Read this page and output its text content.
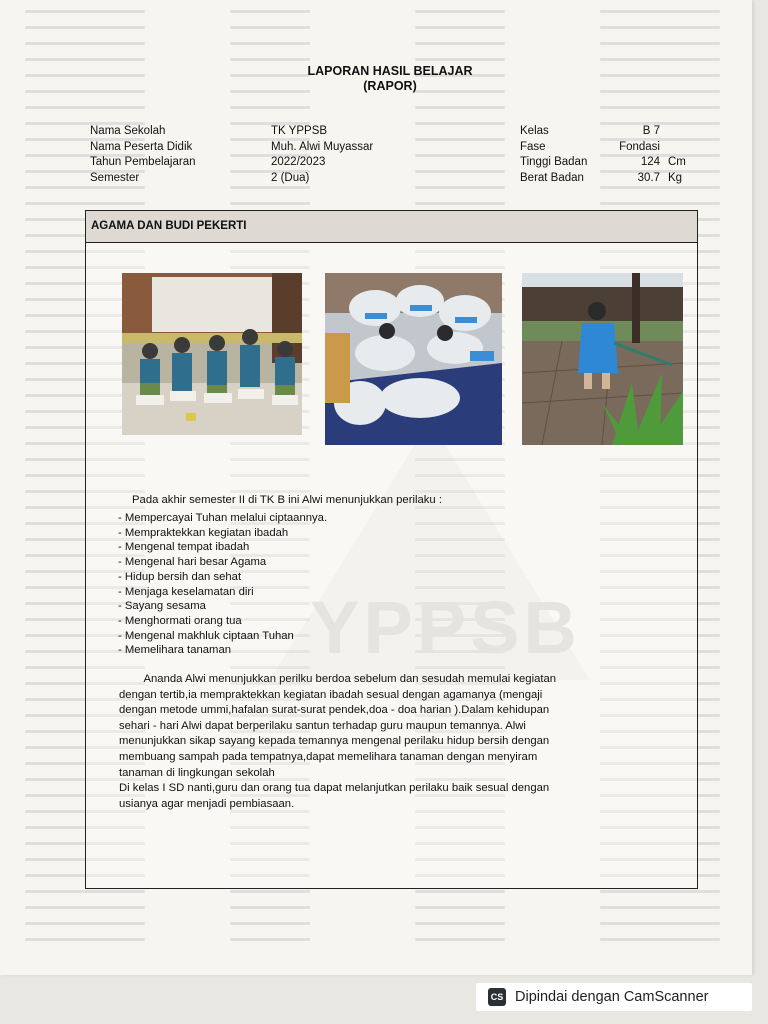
YPPSB
LAPORAN HASIL BELAJAR
(RAPOR)
Nama Sekolah
Nama Peserta Didik
Tahun Pembelajaran
Semester
TK YPPSB
Muh. Alwi Muyassar
2022/2023
2 (Dua)
Kelas
Fase
Tinggi Badan
Berat Badan
B 7
Fondasi
124
30.7
Cm
Kg
AGAMA DAN BUDI PEKERTI
Pada akhir semester II di TK B ini Alwi menunjukkan perilaku :
- Mempercayai Tuhan melalui ciptaannya.
- Mempraktekkan kegiatan ibadah
- Mengenal tempat ibadah
- Mengenal hari besar Agama
- Hidup bersih dan sehat
- Menjaga keselamatan diri
- Sayang sesama
- Menghormati orang tua
- Mengenal makhluk ciptaan Tuhan
- Memelihara tanaman
Ananda Alwi menunjukkan perilku berdoa sebelum dan sesudah memulai kegiatan
dengan tertib,ia mempraktekkan kegiatan ibadah sesual dengan agamanya (mengaji
dengan metode ummi,hafalan surat-surat pendek,doa - doa harian ).Dalam kehidupan
sehari - hari Alwi dapat berperilaku santun terhadap guru maupun temannya. Alwi
menunjukkan sikap sayang kepada temannya mengenal perilaku hidup bersih dengan
membuang sampah pada tempatnya,dapat memelihara tanaman dengan menyiram
tanaman di lingkungan sekolah
Di kelas I SD nanti,guru dan orang tua dapat melanjutkan perilaku baik sesual dengan
usianya agar menjadi pembiasaan.
CS Dipindai dengan CamScanner
